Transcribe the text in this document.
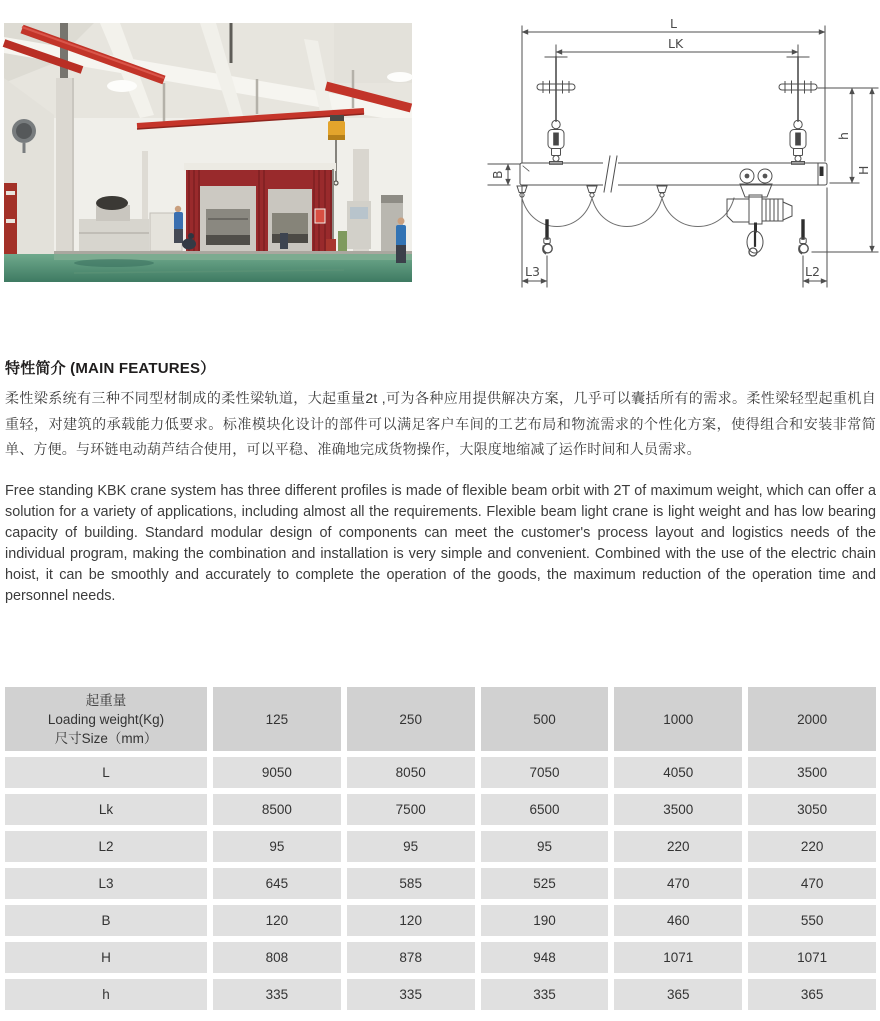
L
LK
B
h
H
L3	L2
特性简介 (MAIN FEATURES）
柔性梁系统有三种不同型材制成的柔性梁轨道，大起重量2t ,可为各种应用提供解决方案，几乎可以囊括所有的需求。柔性梁轻型起重机自重轻，对建筑的承载能力低要求。标准模块化设计的部件可以满足客户车间的工艺布局和物流需求的个性化方案，使得组合和安装非常简单、方便。与环链电动葫芦结合使用，可以平稳、准确地完成货物操作，大限度地缩减了运作时间和人员需求。
Free standing KBK crane system has three different profiles is made of flexible beam orbit with 2T of maximum weight, which can offer a solution for a variety of applications, including almost all the requirements. Flexible beam light crane is light weight and has low bearing capacity of building. Standard modular design of components can meet the customer's process layout and logistics needs of the individual program, making the combination and installation is very simple and convenient. Combined with the use of the electric chain hoist, it can be smoothly and accurately to complete the operation of the goods, the maximum reduction of the operation time and personnel needs.
起重量
Loading weight(Kg)
尺寸Size（mm）
125	250	500	1000	2000
L	9050	8050	7050	4050	3500
Lk	8500	7500	6500	3500	3050
L2	95	95	95	220	220
L3	645	585	525	470	470
B	120	120	190	460	550
H	808	878	948	1071	1071
h	335	335	335	365	365
